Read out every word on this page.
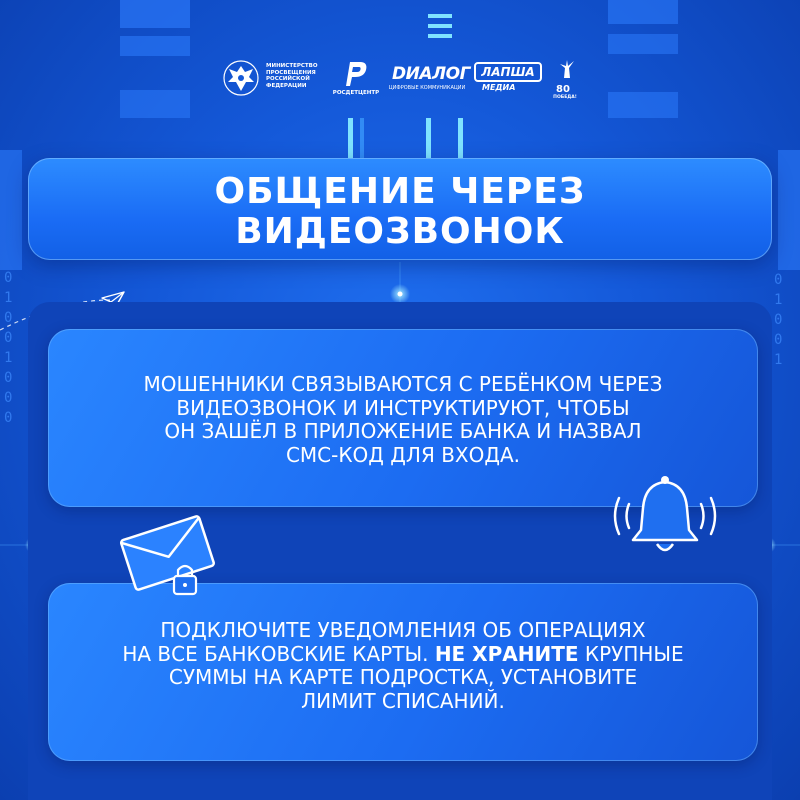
0
1
0
0
1
0
0
0
0
1
0
0
1
МИНИСТЕРСТВО
ПРОСВЕЩЕНИЯ
РОССИЙСКОЙ
ФЕДЕРАЦИИ
РОСДЕТЦЕНТР
DИАЛОГ
ЦИФРОВЫЕ КОММУНИКАЦИИ
ЛАПША
МЕДИА	80
ПОБЕДА!
ОБЩЕНИЕ ЧЕРЕЗ
ВИДЕОЗВОНОК
МОШЕННИКИ СВЯЗЫВАЮТСЯ С РЕБЁНКОМ ЧЕРЕЗ
ВИДЕОЗВОНОК И ИНСТРУКТИРУЮТ, ЧТОБЫ
ОН ЗАШЁЛ В ПРИЛОЖЕНИЕ БАНКА И НАЗВАЛ
СМС-КОД ДЛЯ ВХОДА.
ПОДКЛЮЧИТЕ УВЕДОМЛЕНИЯ ОБ ОПЕРАЦИЯХ
НА ВСЕ БАНКОВСКИЕ КАРТЫ. НЕ ХРАНИТЕ КРУПНЫЕ
СУММЫ НА КАРТЕ ПОДРОСТКА, УСТАНОВИТЕ
ЛИМИТ СПИСАНИЙ.
